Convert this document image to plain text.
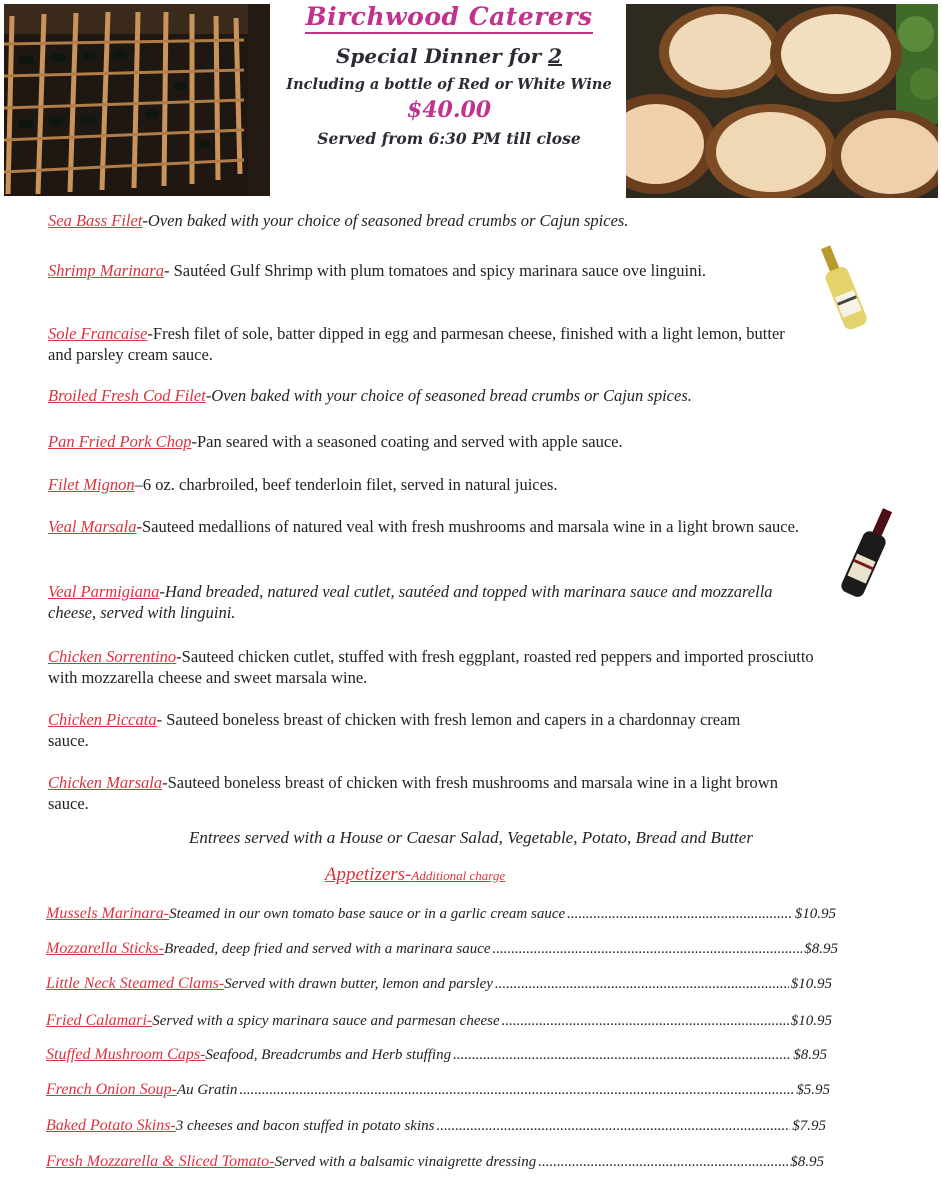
Birchwood Caterers
Special Dinner for 2
Including a bottle of Red or White Wine
$40.00
Served from 6:30 PM till close
Sea Bass Filet-Oven baked with your choice of seasoned bread crumbs or Cajun spices.
Shrimp Marinara- Sautéed Gulf Shrimp with plum tomatoes and spicy marinara sauce ove linguini.
Sole Francaise-Fresh filet of sole, batter dipped in egg and parmesan cheese, finished with a light lemon, butter and parsley cream sauce.
Broiled Fresh Cod Filet-Oven baked with your choice of seasoned bread crumbs or Cajun spices.
Pan Fried Pork Chop-Pan seared with a seasoned coating and served with apple sauce.
Filet Mignon–6 oz. charbroiled, beef tenderloin filet, served in natural juices.
Veal Marsala-Sauteed medallions of natured veal with fresh mushrooms and marsala wine in a light brown sauce.
Veal Parmigiana-Hand breaded, natured veal cutlet, sautéed and topped with marinara sauce and mozzarella cheese, served with linguini.
Chicken Sorrentino-Sauteed chicken cutlet, stuffed with fresh eggplant, roasted red peppers and imported prosciutto with mozzarella cheese and sweet marsala wine.
Chicken Piccata- Sauteed boneless breast of chicken with fresh lemon and capers in a chardonnay cream sauce.
Chicken Marsala-Sauteed boneless breast of chicken with fresh mushrooms and marsala wine in a light brown sauce.
Entrees served with a House or Caesar Salad, Vegetable, Potato, Bread and Butter
Appetizers-Additional charge
Mussels Marinara- Steamed in our own tomato base sauce or in a garlic cream sauce .....	$10.95
Mozzarella Sticks- Breaded, deep fried and served with a marinara sauce .....	$8.95
Little Neck Steamed Clams- Served with drawn butter, lemon and parsley .....	$10.95
Fried Calamari- Served with a spicy marinara sauce and parmesan cheese .....	$10.95
Stuffed Mushroom Caps- Seafood, Breadcrumbs and Herb stuffing .....	$8.95
French Onion Soup- Au Gratin .....	$5.95
Baked Potato Skins- 3 cheeses and bacon stuffed in potato skins .....	$7.95
Fresh Mozzarella & Sliced Tomato- Served with a balsamic vinaigrette dressing .....	$8.95
